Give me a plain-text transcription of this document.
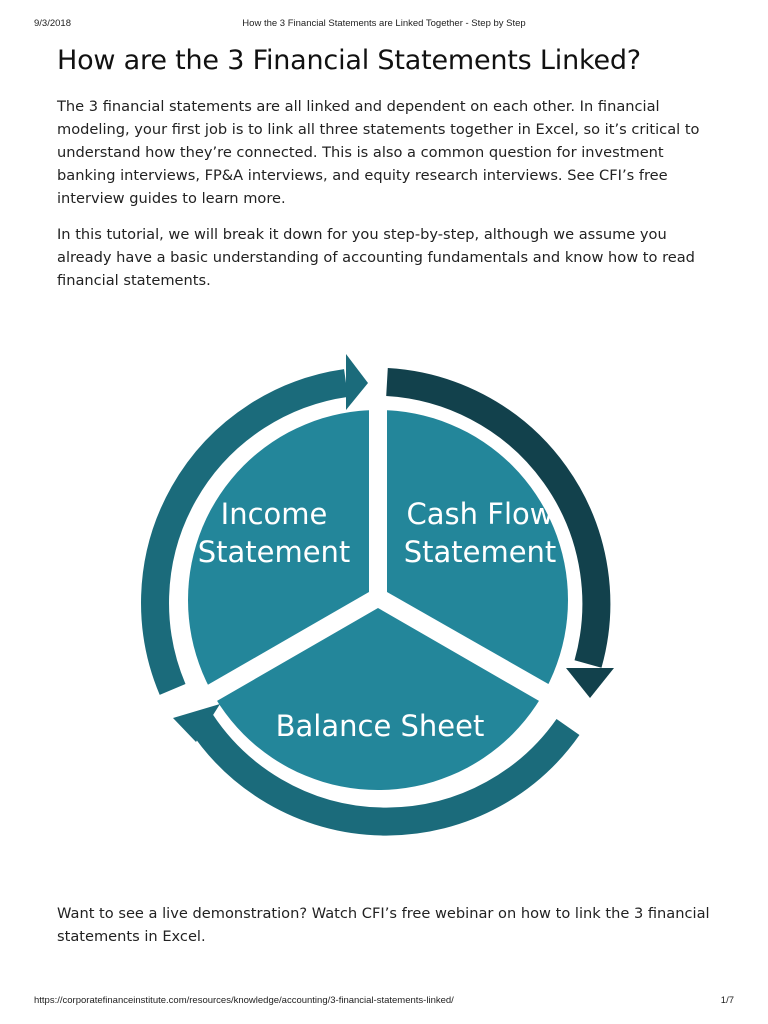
9/3/2018	How the 3 Financial Statements are Linked Together - Step by Step
How are the 3 Financial Statements Linked?

The 3 financial statements are all linked and dependent on each other. In financial modeling, your first job is to link all three statements together in Excel, so it’s critical to understand how they’re connected. This is also a common question for investment banking interviews, FP&A interviews, and equity research interviews. See CFI’s free interview guides to learn more.

In this tutorial, we will break it down for you step-by-step, although we assume you already have a basic understanding of accounting fundamentals and know how to read financial statements.

Income
Statement
Cash Flow
Statement
Balance Sheet

Want to see a live demonstration? Watch CFI’s free webinar on how to link the 3 financial statements in Excel.

https://corporatefinanceinstitute.com/resources/knowledge/accounting/3-financial-statements-linked/	1/7
